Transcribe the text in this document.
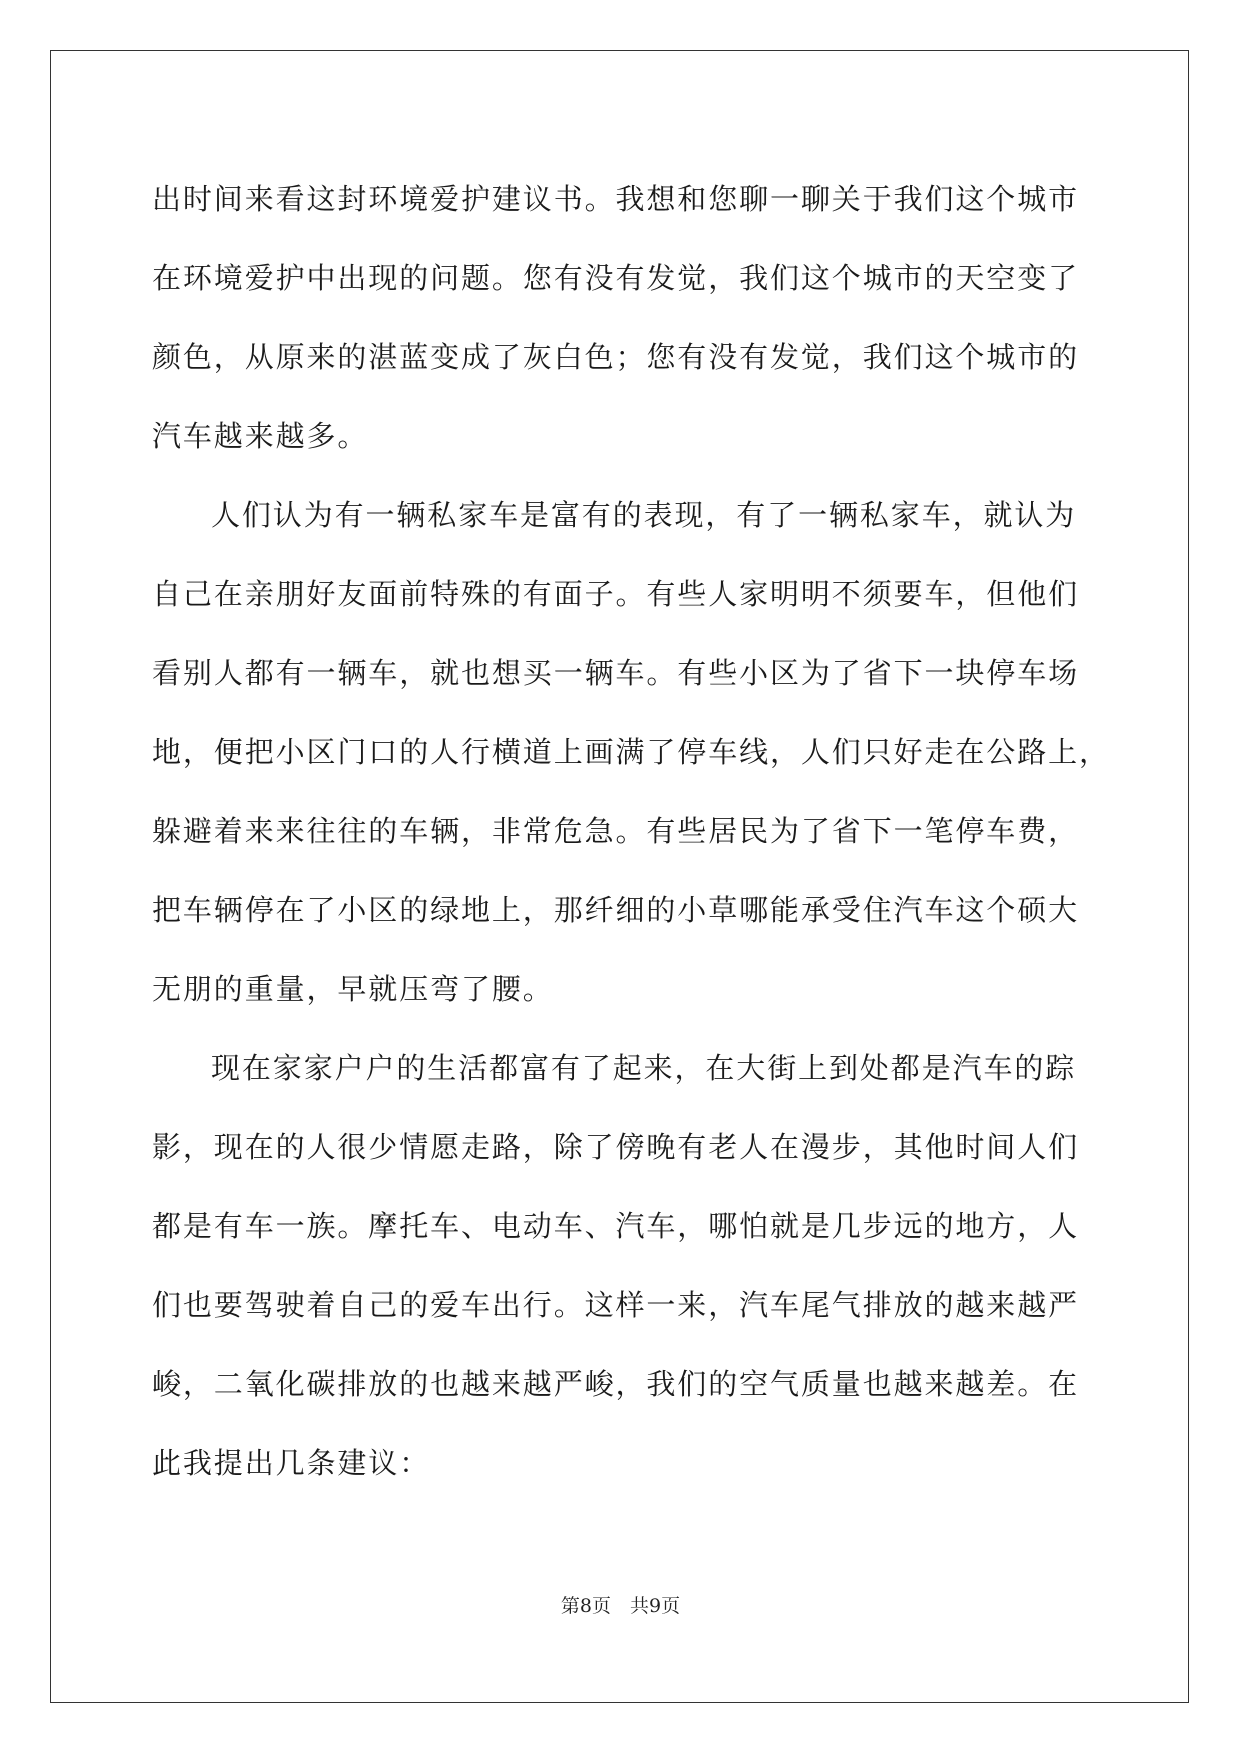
出时间来看这封环境爱护建议书。我想和您聊一聊关于我们这个城市
在环境爱护中出现的问题。您有没有发觉，我们这个城市的天空变了
颜色，从原来的湛蓝变成了灰白色；您有没有发觉，我们这个城市的
汽车越来越多。
人们认为有一辆私家车是富有的表现，有了一辆私家车，就认为
自己在亲朋好友面前特殊的有面子。有些人家明明不须要车，但他们
看别人都有一辆车，就也想买一辆车。有些小区为了省下一块停车场
地，便把小区门口的人行横道上画满了停车线，人们只好走在公路上，
躲避着来来往往的车辆，非常危急。有些居民为了省下一笔停车费，
把车辆停在了小区的绿地上，那纤细的小草哪能承受住汽车这个硕大
无朋的重量，早就压弯了腰。
现在家家户户的生活都富有了起来，在大街上到处都是汽车的踪
影，现在的人很少情愿走路，除了傍晚有老人在漫步，其他时间人们
都是有车一族。摩托车、电动车、汽车，哪怕就是几步远的地方，人
们也要驾驶着自己的爱车出行。这样一来，汽车尾气排放的越来越严
峻，二氧化碳排放的也越来越严峻，我们的空气质量也越来越差。在
此我提出几条建议：
第8页　共9页
